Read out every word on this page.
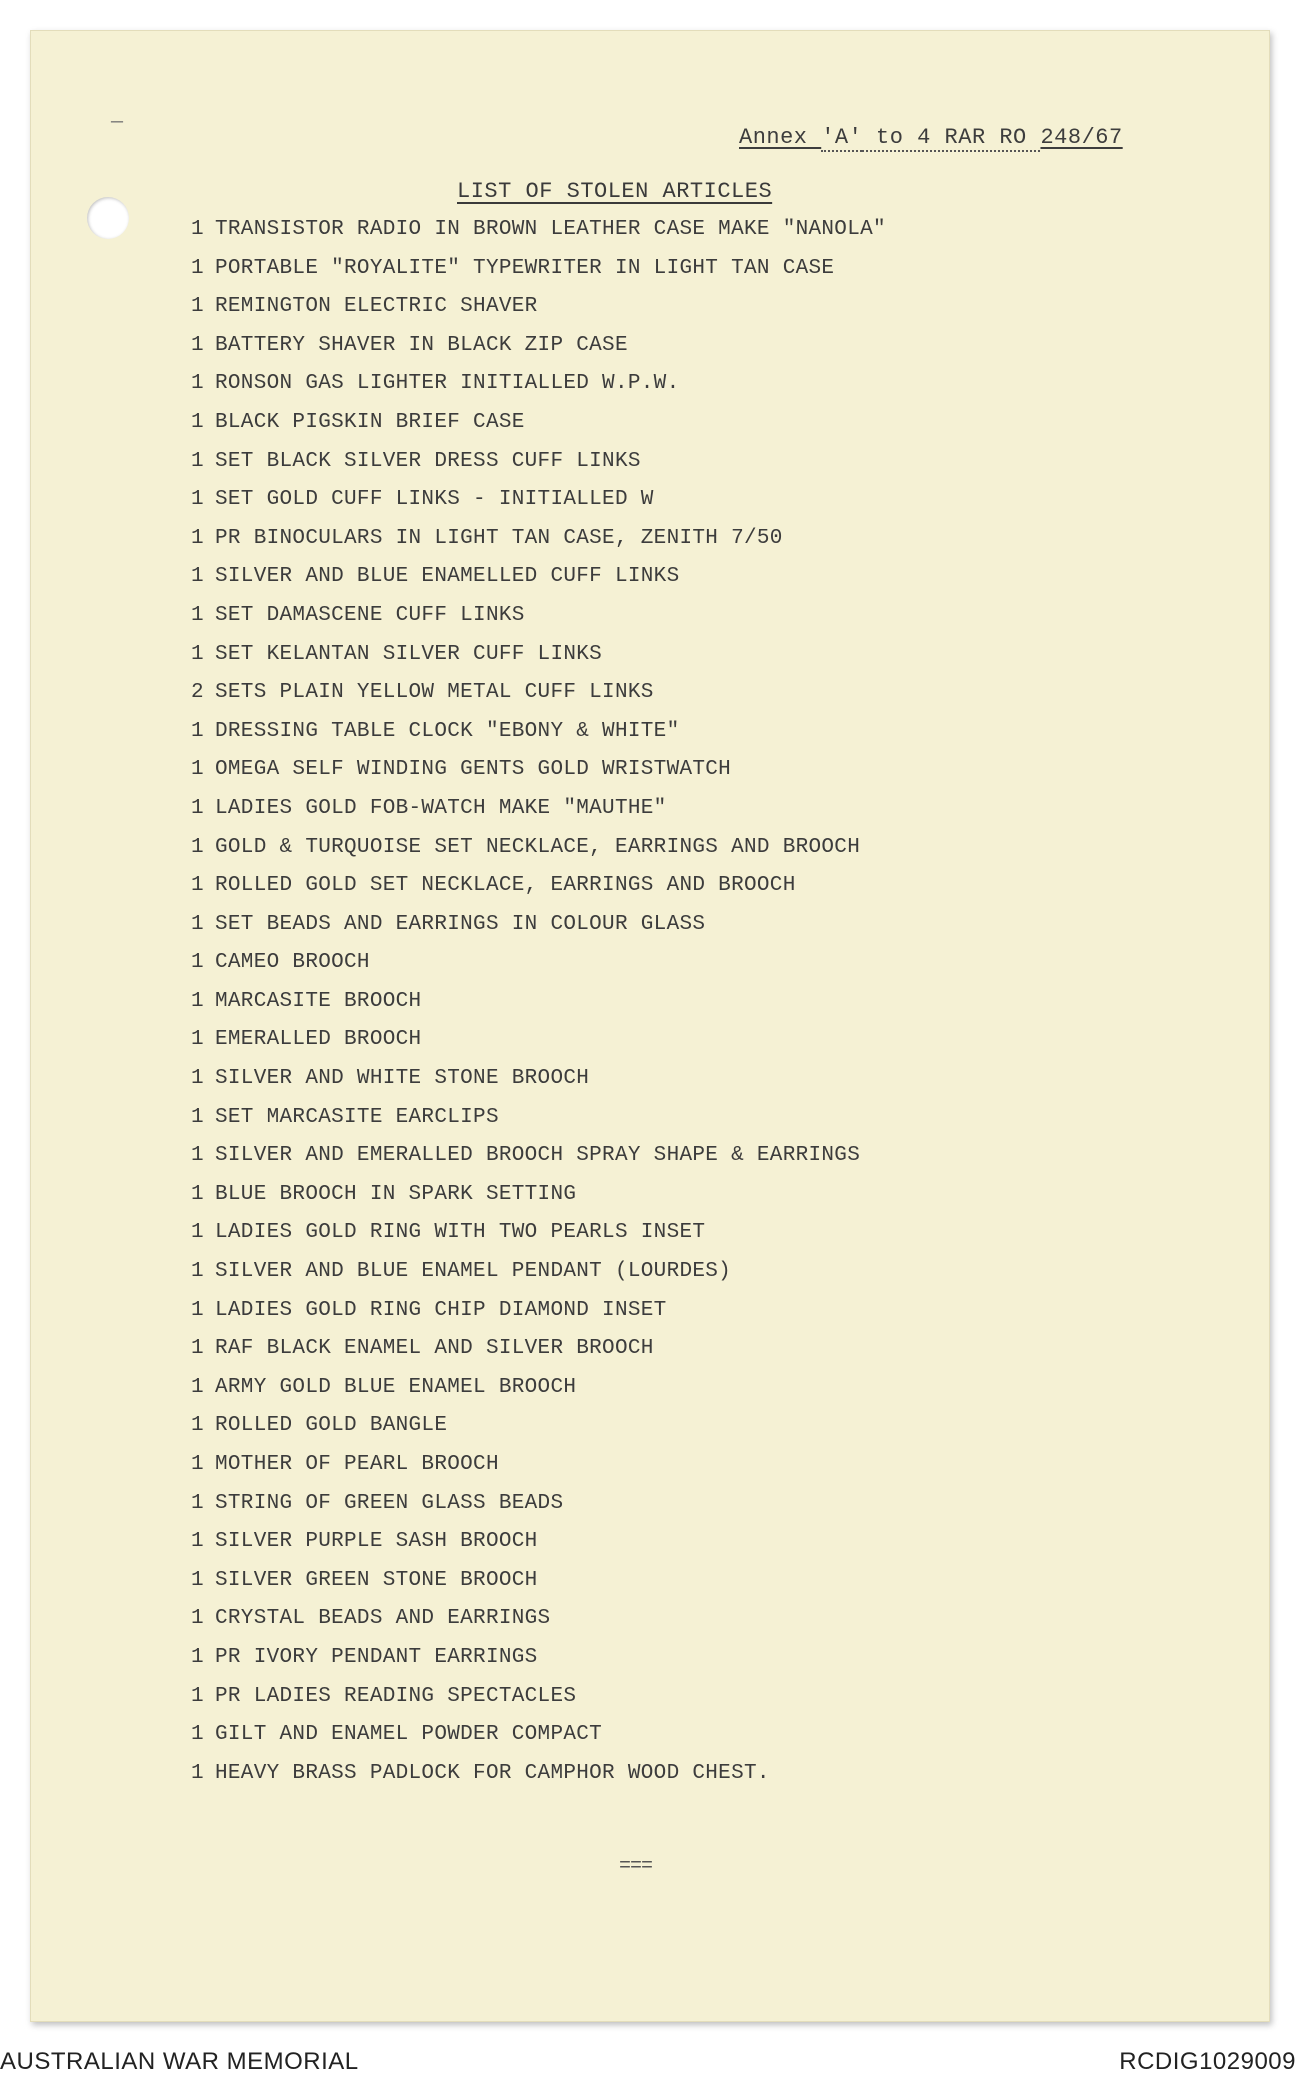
—
Annex 'A' to 4 RAR RO 248/67
LIST OF STOLEN ARTICLES
1 TRANSISTOR RADIO IN BROWN LEATHER CASE MAKE "NANOLA"
1 PORTABLE "ROYALITE" TYPEWRITER IN LIGHT TAN CASE
1 REMINGTON ELECTRIC SHAVER
1 BATTERY SHAVER IN BLACK ZIP CASE
1 RONSON GAS LIGHTER INITIALLED W.P.W.
1 BLACK PIGSKIN BRIEF CASE
1 SET BLACK SILVER DRESS CUFF LINKS
1 SET GOLD CUFF LINKS - INITIALLED W
1 PR BINOCULARS IN LIGHT TAN CASE, ZENITH 7/50
1 SILVER AND BLUE ENAMELLED CUFF LINKS
1 SET DAMASCENE CUFF LINKS
1 SET KELANTAN SILVER CUFF LINKS
2 SETS PLAIN YELLOW METAL CUFF LINKS
1 DRESSING TABLE CLOCK "EBONY & WHITE"
1 OMEGA SELF WINDING GENTS GOLD WRISTWATCH
1 LADIES GOLD FOB-WATCH MAKE "MAUTHE"
1 GOLD & TURQUOISE SET NECKLACE, EARRINGS AND BROOCH
1 ROLLED GOLD SET NECKLACE, EARRINGS AND BROOCH
1 SET BEADS AND EARRINGS IN COLOUR GLASS
1 CAMEO BROOCH
1 MARCASITE BROOCH
1 EMERALLED BROOCH
1 SILVER AND WHITE STONE BROOCH
1 SET MARCASITE EARCLIPS
1 SILVER AND EMERALLED BROOCH SPRAY SHAPE & EARRINGS
1 BLUE BROOCH IN SPARK SETTING
1 LADIES GOLD RING WITH TWO PEARLS INSET
1 SILVER AND BLUE ENAMEL PENDANT (LOURDES)
1 LADIES GOLD RING CHIP DIAMOND INSET
1 RAF BLACK ENAMEL AND SILVER BROOCH
1 ARMY GOLD BLUE ENAMEL BROOCH
1 ROLLED GOLD BANGLE
1 MOTHER OF PEARL BROOCH
1 STRING OF GREEN GLASS BEADS
1 SILVER PURPLE SASH BROOCH
1 SILVER GREEN STONE BROOCH
1 CRYSTAL BEADS AND EARRINGS
1 PR IVORY PENDANT EARRINGS
1 PR LADIES READING SPECTACLES
1 GILT AND ENAMEL POWDER COMPACT
1 HEAVY BRASS PADLOCK FOR CAMPHOR WOOD CHEST.
===
AUSTRALIAN WAR MEMORIAL	RCDIG1029009
